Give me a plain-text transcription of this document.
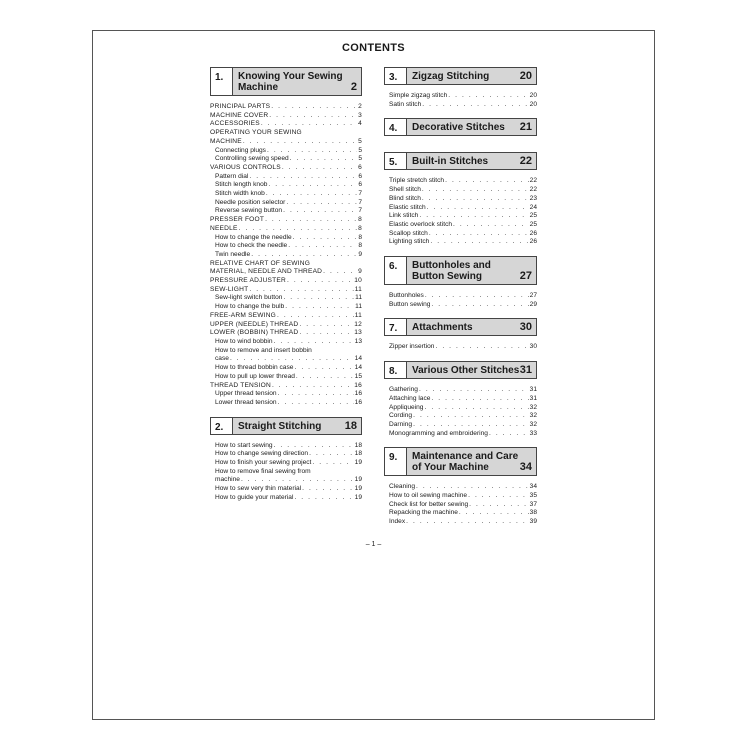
CONTENTS
1.	Knowing Your Sewing
Machine	2
PRINCIPAL PARTS . . .	2
MACHINE COVER . . .	3
ACCESSORIES . . .	4
OPERATING YOUR SEWING
MACHINE . . .	5
Connecting plugs . . .	5
Controlling sewing speed . . .	5
VARIOUS CONTROLS . . .	6
Pattern dial . . .	6
Stitch length knob . . .	6
Stitch width knob . . .	7
Needle position selector . . .	7
Reverse sewing button . . .	7
PRESSER FOOT . . .	8
NEEDLE . . .	8
How to change the needle . . .	8
How to check the needle . . .	8
Twin needle . . .	9
RELATIVE CHART OF SEWING
MATERIAL, NEEDLE AND THREAD . . .	9
PRESSURE ADJUSTER . . .	10
SEW-LIGHT . . .	11
Sew-light switch button . . .	11
How to change the bulb . . .	11
FREE-ARM SEWING . . .	11
UPPER (NEEDLE) THREAD . . .	12
LOWER (BOBBIN) THREAD . . .	13
How to wind bobbin . . .	13
How to remove and insert bobbin
case . . .	14
How to thread bobbin case . . .	14
How to pull up lower thread . . .	15
THREAD TENSION . . .	16
Upper thread tension . . .	16
Lower thread tension . . .	16
2.	Straight Stitching 18
How to start sewing . . .	18
How to change sewing direction . . .	18
How to finish your sewing project . . .	19
How to remove final sewing from
machine . . .	19
How to sew very thin material . . .	19
How to guide your material . . .	19
3.	Zigzag Stitching	20
Simple zigzag stitch . . .	20
Satin stitch . . .	20
4.	Decorative Stitches 21
5.	Built-in Stitches	22
Triple stretch stitch . . .	22
Shell stitch . . .	22
Blind stitch . . .	23
Elastic stitch . . .	24
Link stitch . . .	25
Elastic overlock stitch . . .	25
Scallop stitch . . .	26
Lighting stitch . . .	26
6.	Buttonholes and
Button Sewing	27
Buttonholes . . .	27
Button sewing . . .	29
7.	Attachments	30
Zipper insertion . . .	30
8.	Various Other Stitches 31
Gathering . . .	31
Attaching lace . . .	31
Appliqueing . . .	32
Cording . . .	32
Darning . . .	32
Monogramming and embroidering . . .	33
9.	Maintenance and Care
of Your Machine	34
Cleaning . . .	34
How to oil sewing machine . . .	35
Check list for better sewing . . .	37
Repacking the machine . . .	38
Index . . .	39
– 1 –
